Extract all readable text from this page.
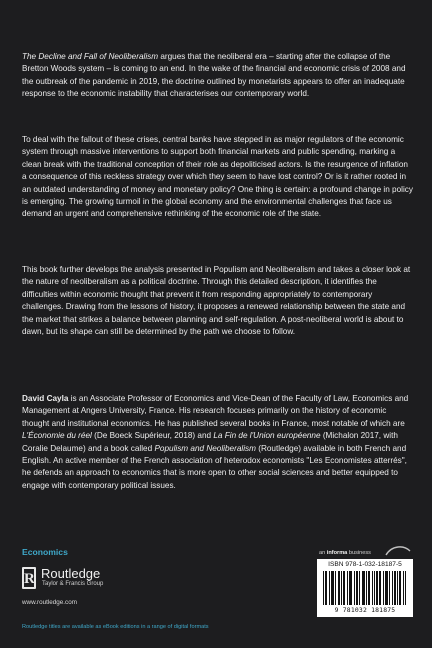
The Decline and Fall of Neoliberalism argues that the neoliberal era – starting after the collapse of the Bretton Woods system – is coming to an end. In the wake of the financial and economic crisis of 2008 and the outbreak of the pandemic in 2019, the doctrine outlined by monetarists appears to offer an inadequate response to the economic instability that characterises our contemporary world.

To deal with the fallout of these crises, central banks have stepped in as major regulators of the economic system through massive interventions to support both financial markets and public spending, marking a clean break with the traditional conception of their role as depoliticised actors. Is the resurgence of inflation a consequence of this reckless strategy over which they seem to have lost control? Or is it rather rooted in an outdated understanding of money and monetary policy? One thing is certain: a profound change in policy is emerging. The growing turmoil in the global economy and the environmental challenges that face us demand an urgent and comprehensive rethinking of the economic role of the state.

This book further develops the analysis presented in Populism and Neoliberalism and takes a closer look at the nature of neoliberalism as a political doctrine. Through this detailed description, it identifies the difficulties within economic thought that prevent it from responding appropriately to contemporary challenges. Drawing from the lessons of history, it proposes a renewed relationship between the state and the market that strikes a balance between planning and self-regulation. A post-neoliberal world is about to dawn, but its shape can still be determined by the path we choose to follow.

David Cayla is an Associate Professor of Economics and Vice-Dean of the Faculty of Law, Economics and Management at Angers University, France. His research focuses primarily on the history of economic thought and institutional economics. He has published several books in France, most notable of which are L'Économie du réel (De Boeck Supérieur, 2018) and La Fin de l'Union européenne (Michalon 2017, with Coralie Delaume) and a book called Populism and Neoliberalism (Routledge) available in both French and English. An active member of the French association of heterodox economists "Les Economistes atterrés", he defends an approach to economics that is more open to other social sciences and better equipped to engage with contemporary political issues.

Economics
R Routledge
Taylor & Francis Group
www.routledge.com
Routledge titles are available as eBook editions in a range of digital formats
an informa business
ISBN 978-1-032-18187-5
9 781032 181875
